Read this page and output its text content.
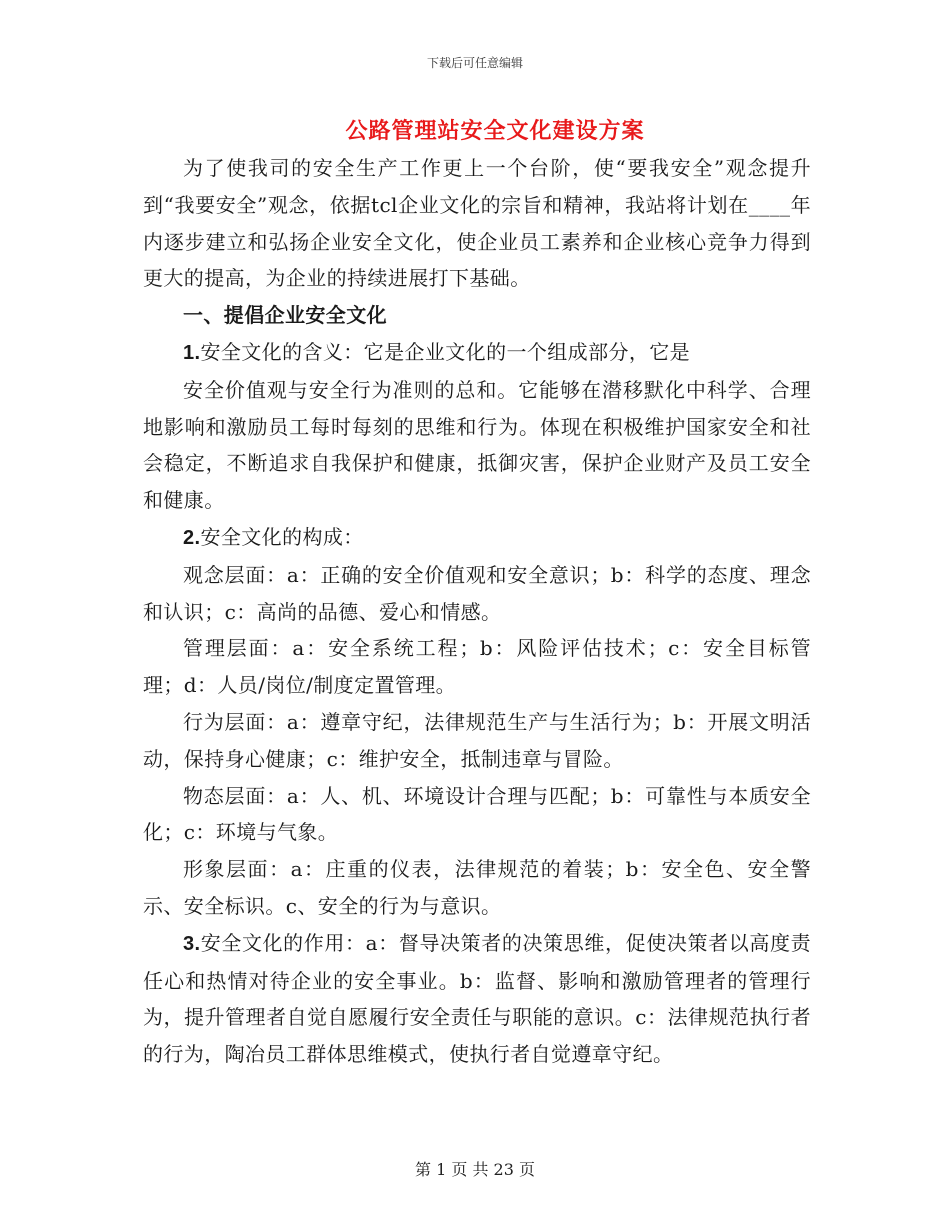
下载后可任意编辑
公路管理站安全文化建设方案

为了使我司的安全生产工作更上一个台阶，使“要我安全”观念提升到“我要安全”观念，依据tcl企业文化的宗旨和精神，我站将计划在____年内逐步建立和弘扬企业安全文化，使企业员工素养和企业核心竞争力得到更大的提高，为企业的持续进展打下基础。

一、提倡企业安全文化

1.安全文化的含义：它是企业文化的一个组成部分，它是

安全价值观与安全行为准则的总和。它能够在潜移默化中科学、合理地影响和激励员工每时每刻的思维和行为。体现在积极维护国家安全和社会稳定，不断追求自我保护和健康，抵御灾害，保护企业财产及员工安全和健康。

2.安全文化的构成：

观念层面：a：正确的安全价值观和安全意识；b：科学的态度、理念和认识；c：高尚的品德、爱心和情感。

管理层面：a：安全系统工程；b：风险评估技术；c：安全目标管理；d：人员/岗位/制度定置管理。

行为层面：a：遵章守纪，法律规范生产与生活行为；b：开展文明活动，保持身心健康；c：维护安全，抵制违章与冒险。

物态层面：a：人、机、环境设计合理与匹配；b：可靠性与本质安全化；c：环境与气象。

形象层面：a：庄重的仪表，法律规范的着装；b：安全色、安全警示、安全标识。c、安全的行为与意识。

3.安全文化的作用：a：督导决策者的决策思维，促使决策者以高度责任心和热情对待企业的安全事业。b：监督、影响和激励管理者的管理行为，提升管理者自觉自愿履行安全责任与职能的意识。c：法律规范执行者的行为，陶冶员工群体思维模式，使执行者自觉遵章守纪。

第 1 页 共 23 页
